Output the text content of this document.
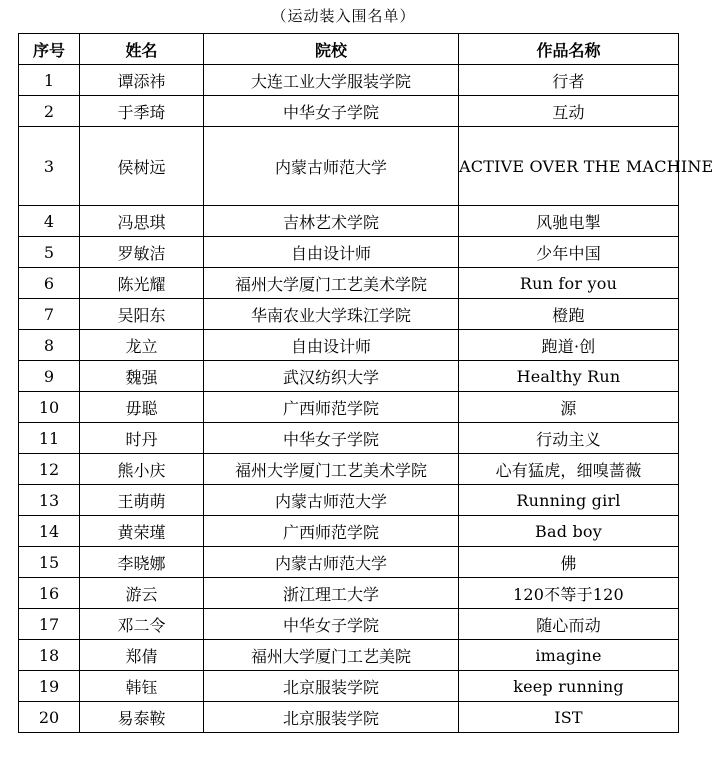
（运动装入围名单）
序号	姓名	院校	作品名称
1	谭添祎	大连工业大学服装学院	行者
2	于季琦	中华女子学院	互动
3	侯树远	内蒙古师范大学	ACTIVE OVER THE MACHINE
4	冯思琪	吉林艺术学院	风驰电掣
5	罗敏洁	自由设计师	少年中国
6	陈光耀	福州大学厦门工艺美术学院	Run for you
7	吴阳东	华南农业大学珠江学院	橙跑
8	龙立	自由设计师	跑道·创
9	魏强	武汉纺织大学	Healthy Run
10	毋聪	广西师范学院	源
11	时丹	中华女子学院	行动主义
12	熊小庆	福州大学厦门工艺美术学院	心有猛虎，细嗅蔷薇
13	王萌萌	内蒙古师范大学	Running girl
14	黄荣瑾	广西师范学院	Bad boy
15	李晓娜	内蒙古师范大学	佛
16	游云	浙江理工大学	120不等于120
17	邓二令	中华女子学院	随心而动
18	郑倩	福州大学厦门工艺美院	imagine
19	韩钰	北京服装学院	keep running
20	易泰鞍	北京服装学院	IST
